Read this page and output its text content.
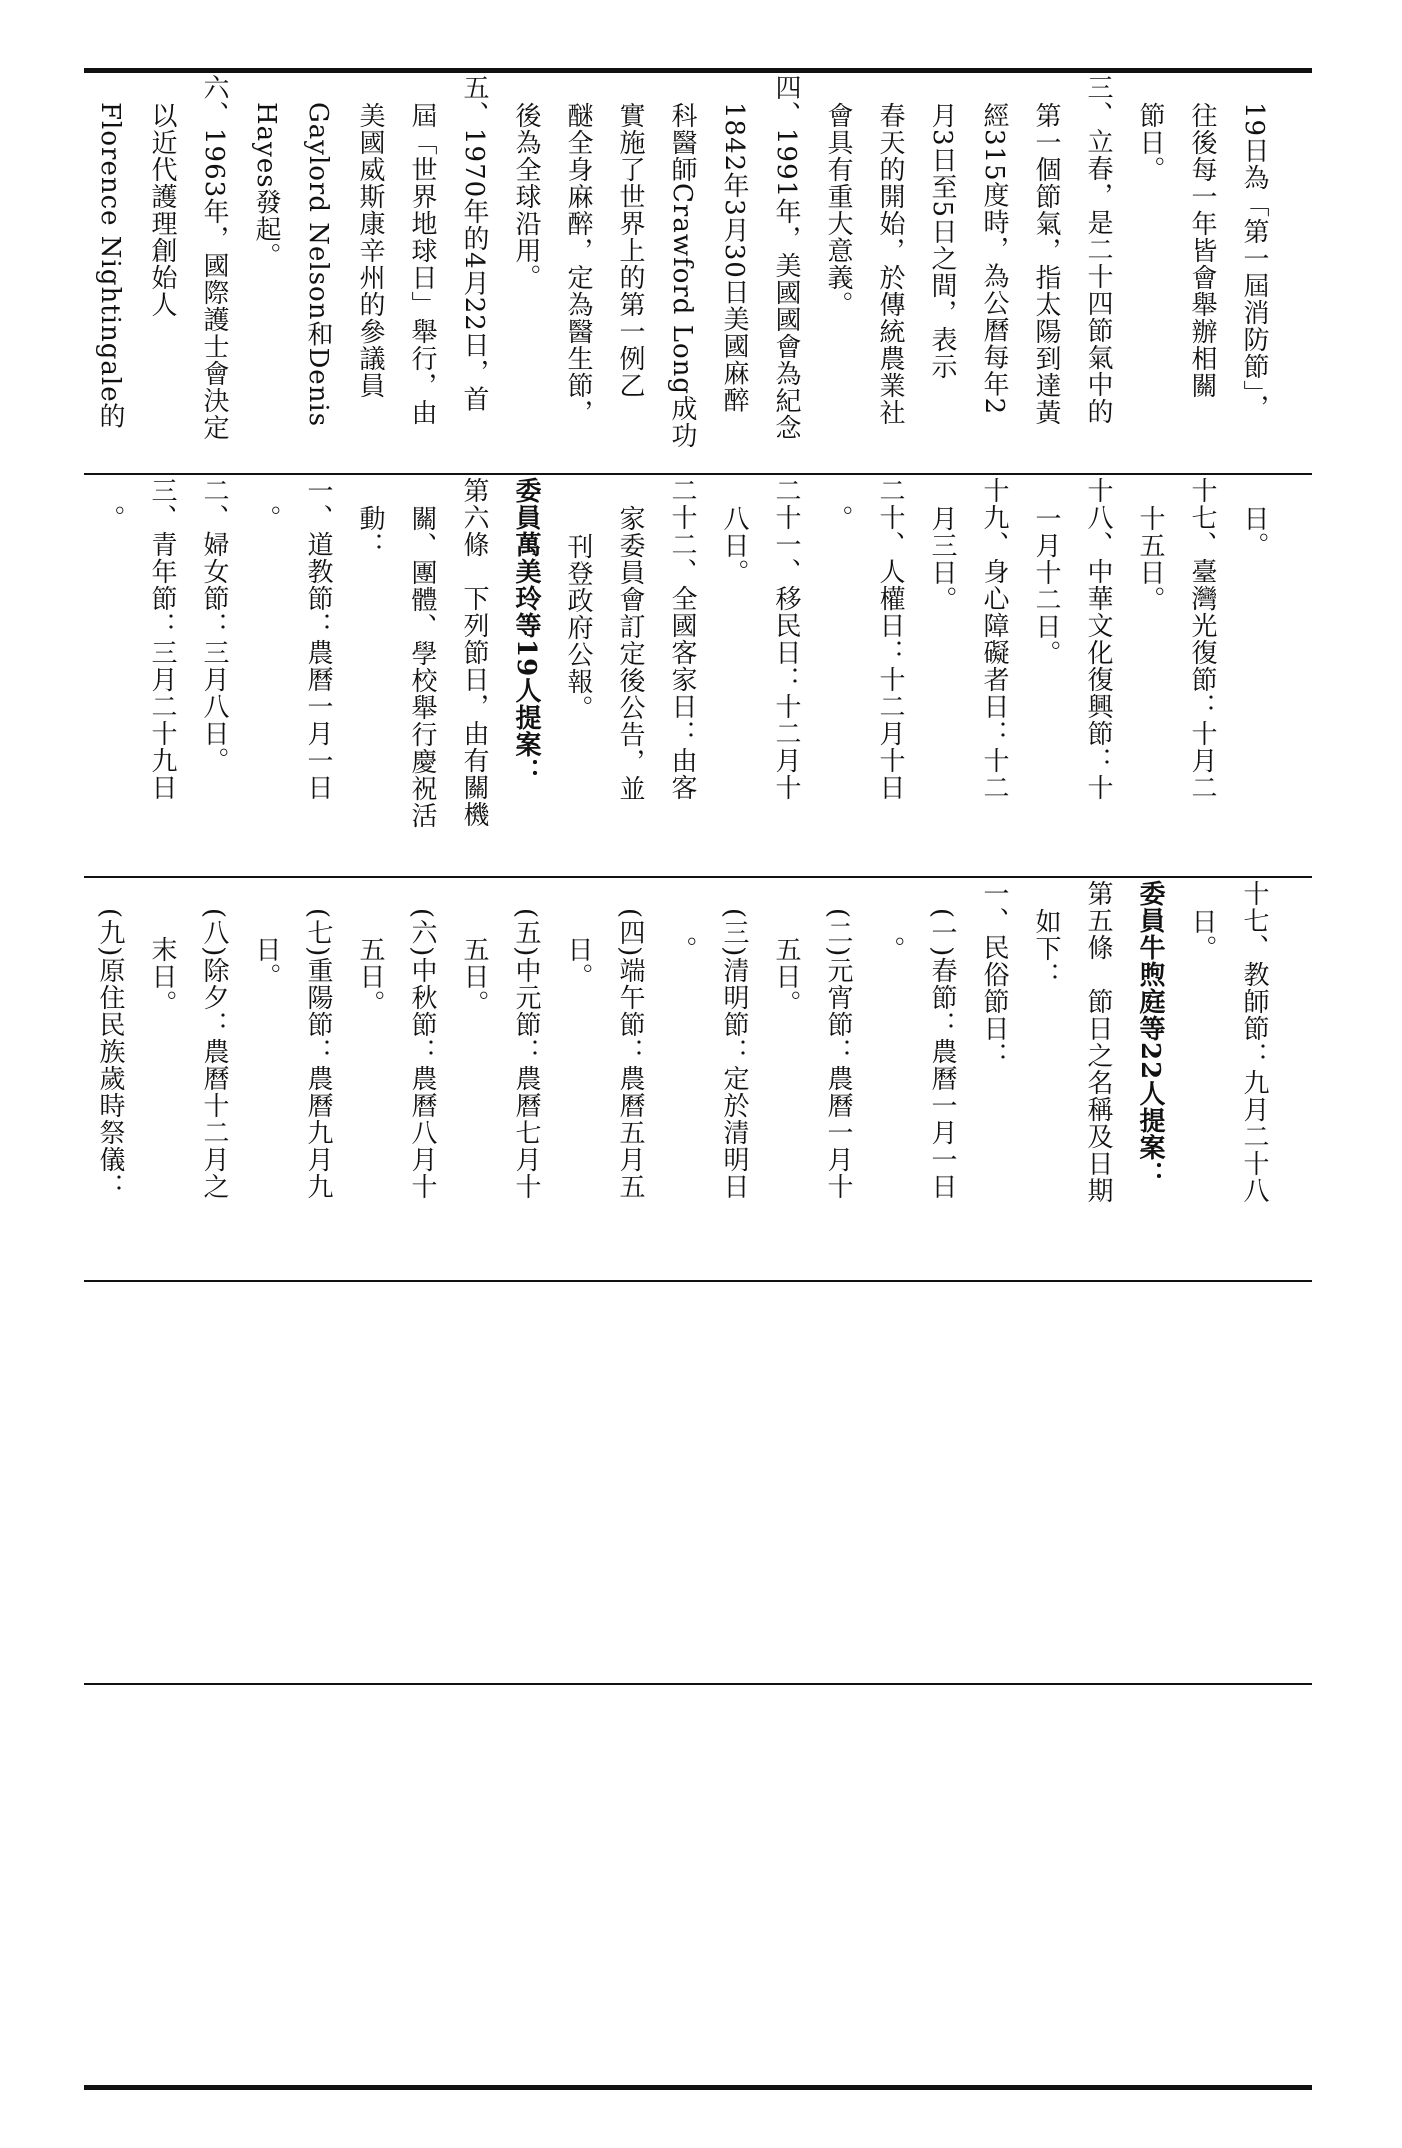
19日為「第一屆消防節」，
往後每一年皆會舉辦相關
節日。
三、立春，是二十四節氣中的
第一個節氣，指太陽到達黃
經315度時，為公曆每年2
月3日至5日之間，表示
春天的開始，於傳統農業社
會具有重大意義。
四、1991年，美國國會為紀念
1842年3月30日美國麻醉
科醫師Crawford Long成功
實施了世界上的第一例乙
醚全身麻醉，定為醫生節，
後為全球沿用。
五、1970年的4月22日，首
屆「世界地球日」舉行，由
美國威斯康辛州的參議員
Gaylord Nelson和Denis
Hayes發起。
六、1963年，國際護士會決定
以近代護理創始人
Florence Nightingale的
日。
十七、臺灣光復節：十月二
十五日。
十八、中華文化復興節：十
一月十二日。
十九、身心障礙者日：十二
月三日。
二十、人權日：十二月十日
。
二十一、移民日：十二月十
八日。
二十二、全國客家日：由客
家委員會訂定後公告，並
刊登政府公報。
委員萬美玲等19人提案：
第六條　下列節日，由有關機
關、團體、學校舉行慶祝活
動：
一、道教節：農曆一月一日
。
二、婦女節：三月八日。
三、青年節：三月二十九日
。
十七、教師節：九月二十八
日。
委員牛煦庭等22人提案：
第五條　節日之名稱及日期
如下：
一、民俗節日：
(一)春節：農曆一月一日
。
(二)元宵節：農曆一月十
五日。
(三)清明節：定於清明日
。
(四)端午節：農曆五月五
日。
(五)中元節：農曆七月十
五日。
(六)中秋節：農曆八月十
五日。
(七)重陽節：農曆九月九
日。
(八)除夕：農曆十二月之
末日。
(九)原住民族歲時祭儀：
